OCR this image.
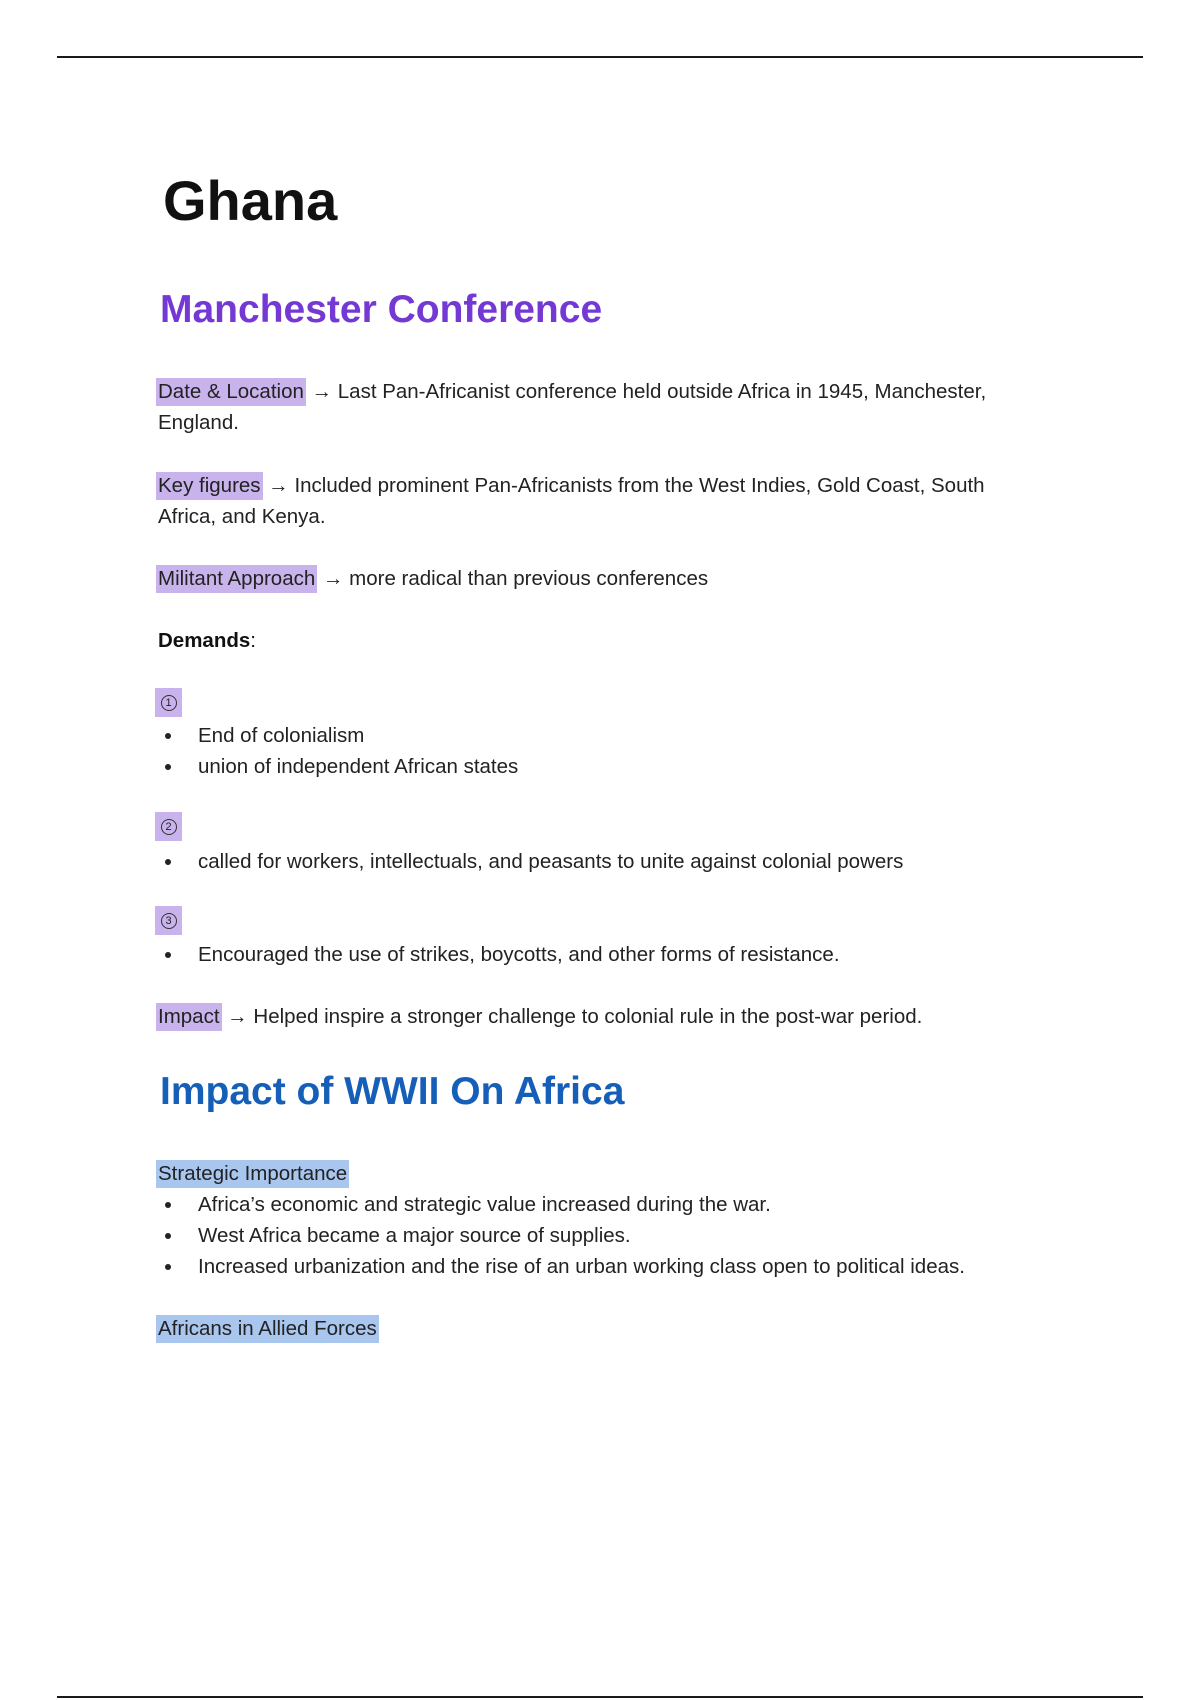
Ghana
Manchester Conference

Date & Location → Last Pan-Africanist conference held outside Africa in 1945, Manchester, England.

Key figures → Included prominent Pan-Africanists from the West Indies, Gold Coast, South Africa, and Kenya.

Militant Approach → more radical than previous conferences

Demands:

1
End of colonialism
union of independent African states
2
called for workers, intellectuals, and peasants to unite against colonial powers
3
Encouraged the use of strikes, boycotts, and other forms of resistance.

Impact → Helped inspire a stronger challenge to colonial rule in the post-war period.

Impact of WWII On Africa

Strategic Importance

Africa’s economic and strategic value increased during the war.
West Africa became a major source of supplies.
Increased urbanization and the rise of an urban working class open to political ideas.

Africans in Allied Forces
